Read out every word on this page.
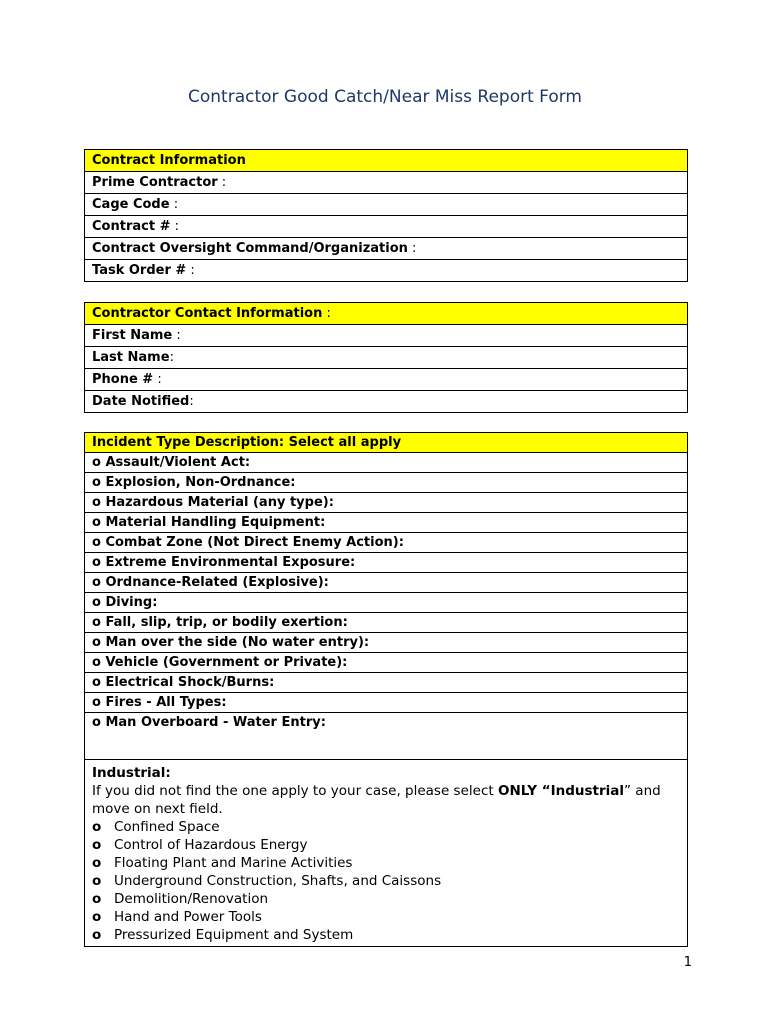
Contractor Good Catch/Near Miss Report Form
Contract Information
Prime Contractor :
Cage Code :
Contract # :
Contract Oversight Command/Organization :
Task Order # :
Contractor Contact Information :
First Name :
Last Name:
Phone # :
Date Notified:
Incident Type Description: Select all apply
o Assault/Violent Act:
o Explosion, Non-Ordnance:
o Hazardous Material (any type):
o Material Handling Equipment:
o Combat Zone (Not Direct Enemy Action):
o Extreme Environmental Exposure:
o Ordnance-Related (Explosive):
o Diving:
o Fall, slip, trip, or bodily exertion:
o Man over the side (No water entry):
o Vehicle (Government or Private):
o Electrical Shock/Burns:
o Fires - All Types:
o Man Overboard - Water Entry:

Industrial:
If you did not find the one apply to your case, please select ONLY “Industrial” and move on next field.
o Confined Space
o Control of Hazardous Energy
o Floating Plant and Marine Activities
o Underground Construction, Shafts, and Caissons
o Demolition/Renovation
o Hand and Power Tools
o Pressurized Equipment and System
1
